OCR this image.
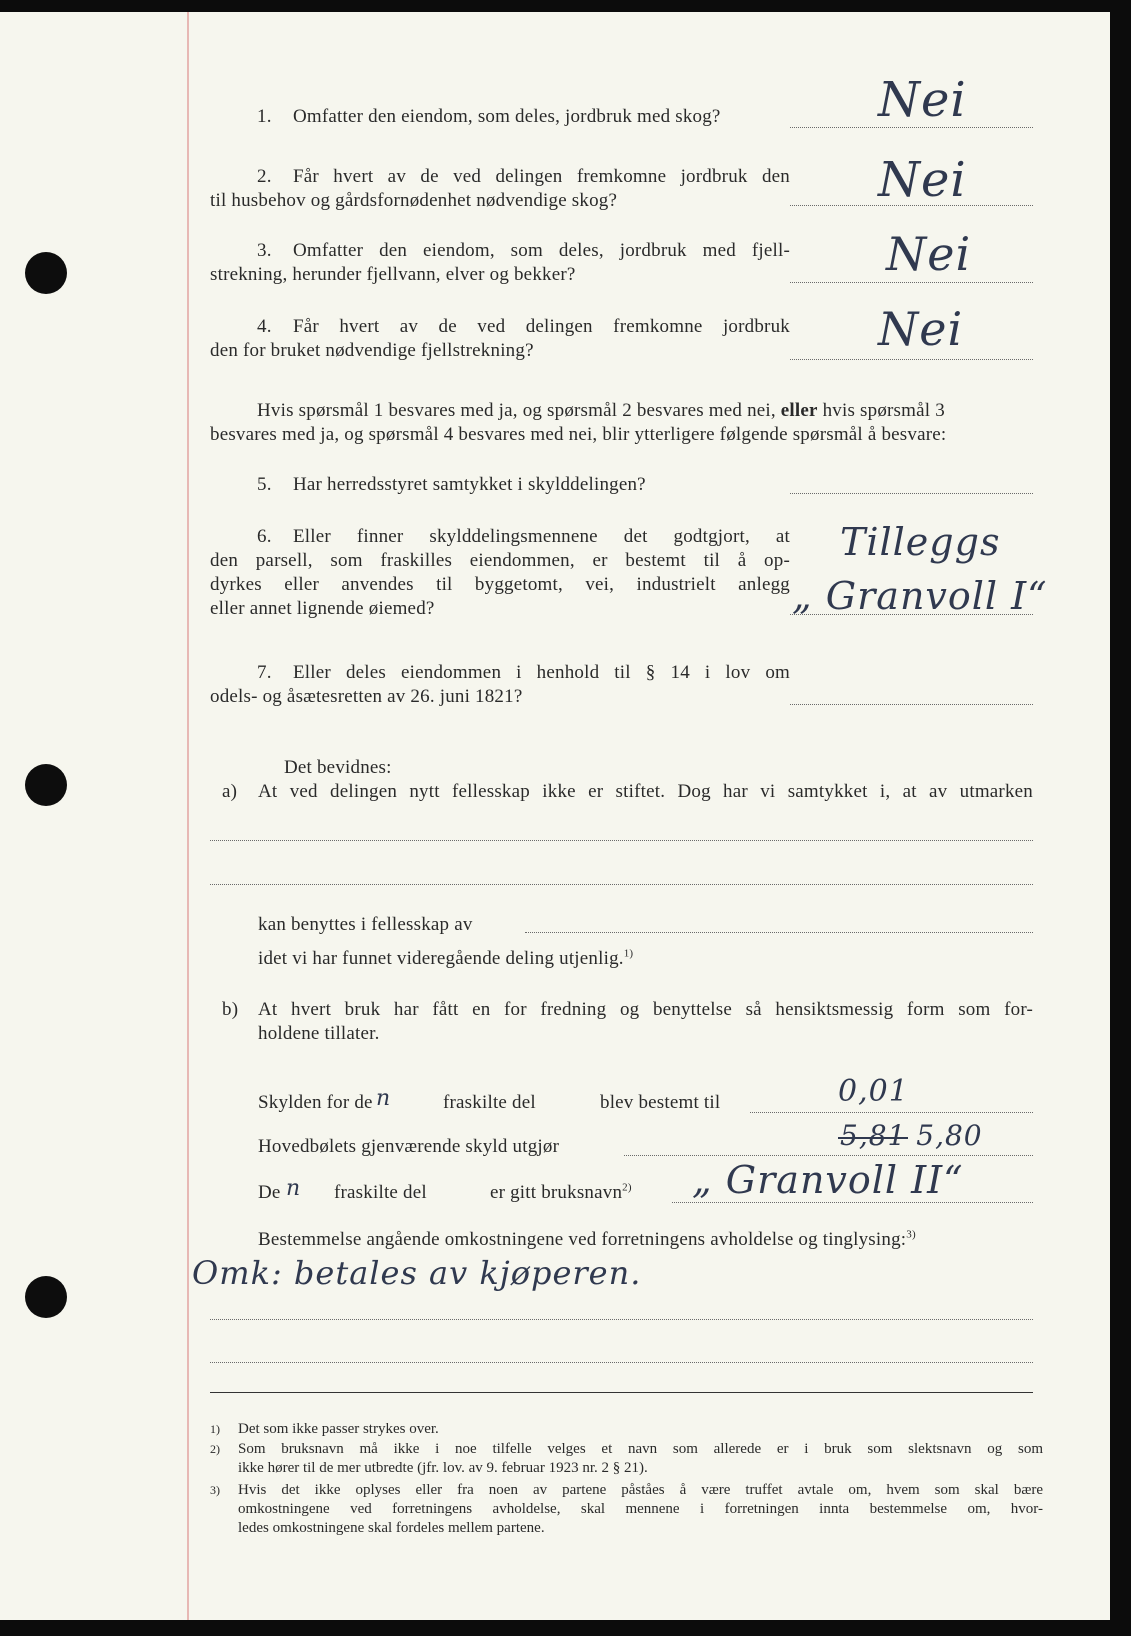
1. Omfatter den eiendom, som deles, jordbruk med skog?	Nei
2. Får hvert av de ved delingen fremkomne jordbruk den
til husbehov og gårdsfornødenhet nødvendige skog?	Nei
3. Omfatter den eiendom, som deles, jordbruk med fjell-
strekning, herunder fjellvann, elver og bekker?	Nei
4. Får hvert av de ved delingen fremkomne jordbruk
den for bruket nødvendige fjellstrekning?	Nei
Hvis spørsmål 1 besvares med ja, og spørsmål 2 besvares med nei, eller hvis spørsmål 3
besvares med ja, og spørsmål 4 besvares med nei, blir ytterligere følgende spørsmål å besvare:
5. Har herredsstyret samtykket i skylddelingen?
6. Eller finner skylddelingsmennene det godtgjort, at
den parsell, som fraskilles eiendommen, er bestemt til å op-
dyrkes eller anvendes til byggetomt, vei, industrielt anlegg
eller annet lignende øiemed?
Tilleggs
„ Granvoll I“
7. Eller deles eiendommen i henhold til § 14 i lov om
odels- og åsætesretten av 26. juni 1821?
Det bevidnes:
a) At ved delingen nytt fellesskap ikke er stiftet. Dog har vi samtykket i, at av utmarken
kan benyttes i fellesskap av
idet vi har funnet videregående deling utjenlig.$^{1)}$
b) At hvert bruk har fått en for fredning og benyttelse så hensiktsmessig form som for-
holdene tillater.
Skylden for de n	fraskilte del	blev bestemt til	0,01
Hovedbølets gjenværende skyld utgjør	5,81 5,80
De n fraskilte del	er gitt bruksnavn$^{2)}$ „ Granvoll II“
Bestemmelse angående omkostningene ved forretningens avholdelse og tinglysing:$^{3)}$
Omk: betales av kjøperen.
1) Det som ikke passer strykes over.
2) Som bruksnavn må ikke i noe tilfelle velges et navn som allerede er i bruk som slektsnavn og som
ikke hører til de mer utbredte (jfr. lov. av 9. februar 1923 nr. 2 § 21).
3) Hvis det ikke oplyses eller fra noen av partene påståes å være truffet avtale om, hvem som skal bære
omkostningene ved forretningens avholdelse, skal mennene i forretningen innta bestemmelse om, hvor-
ledes omkostningene skal fordeles mellem partene.
